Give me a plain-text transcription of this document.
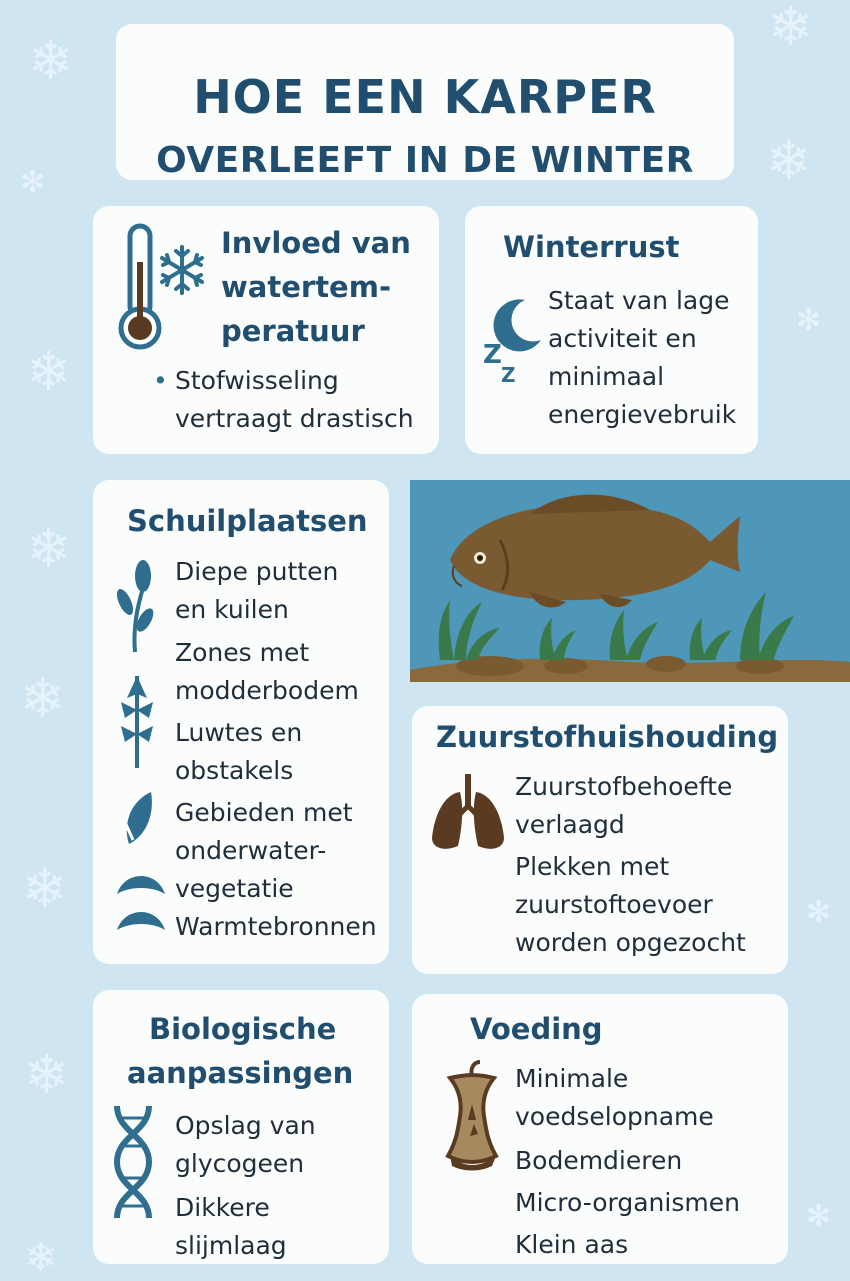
❄
✻
❄
❄
❄
❄
❄
❄
❄
❄
✻
✻
✻
HOE EEN KARPER
OVERLEEFT IN DE WINTER
Invloed van
watertem-
peratuur
• Stofwisseling
vertraagt drastisch
Winterrust
Z
Z
Staat van lage
activiteit en
minimaal
energievebruik
Schuilplaatsen
Diepe putten
en kuilen
Zones met
modderbodem
Luwtes en
obstakels
Gebieden met
onderwater-
vegetatie
Warmtebronnen
Zuurstofhuishouding
Zuurstofbehoefte
verlaagd
Plekken met
zuurstoftoevoer
worden opgezocht
Biologische
aanpassingen
Opslag van
glycogeen
Dikkere slijmlaag
Voeding
Minimale
voedselopname
Bodemdieren
Micro-organismen
Klein aas
